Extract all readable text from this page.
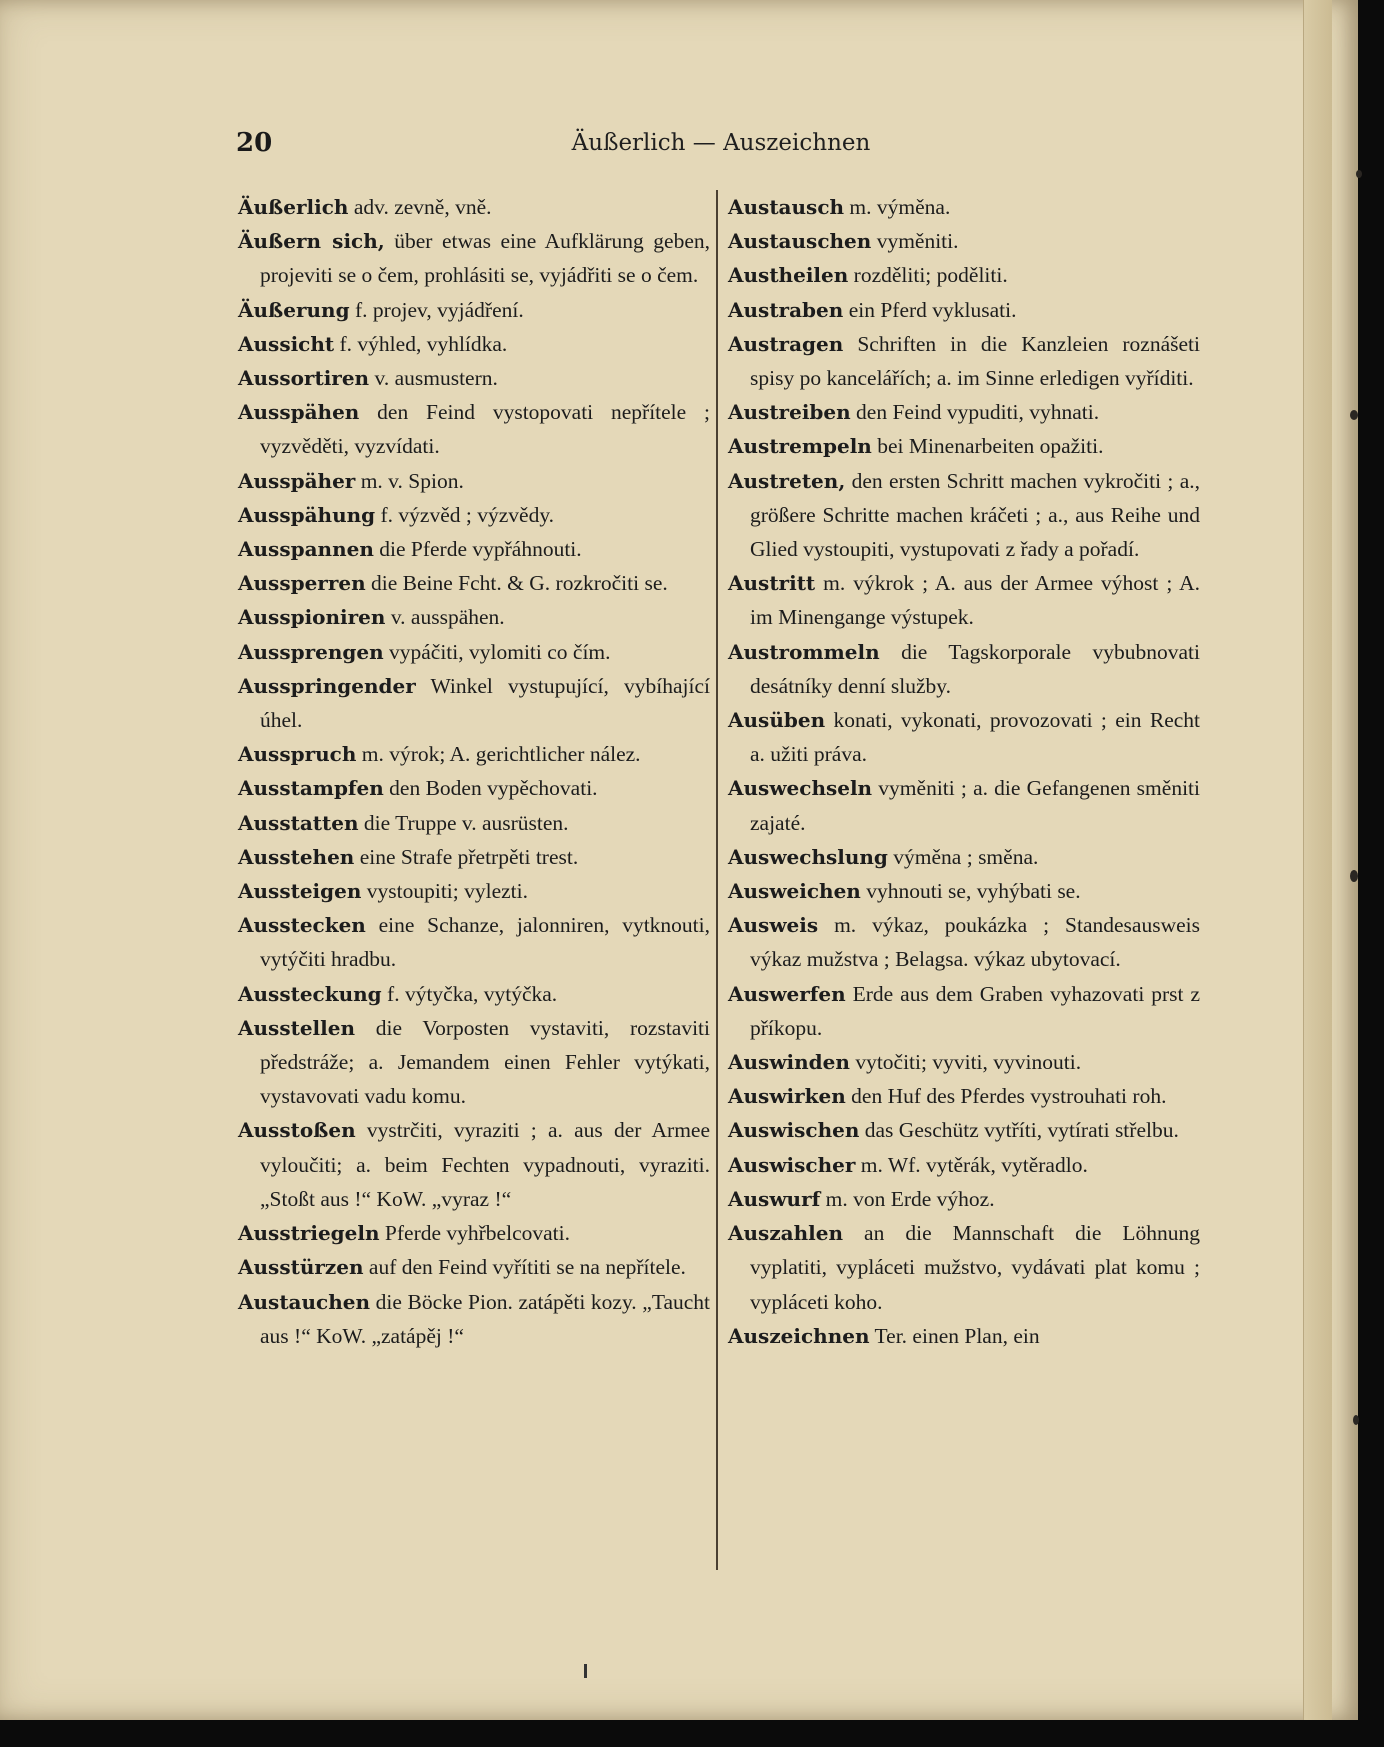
20	Äußerlich — Auszeichnen

Äußerlich adv. zevně, vně.

Äußern sich, über etwas eine Aufklärung geben, projeviti se o čem, prohlásiti se, vyjádřiti se o čem.

Äußerung f. projev, vyjádření.

Aussicht f. výhled, vyhlídka.

Aussortiren v. ausmustern.

Ausspähen den Feind vystopovati nepřítele ; vyzvěděti, vyzvídati.

Ausspäher m. v. Spion.

Ausspähung f. výzvěd ; výzvědy.

Ausspannen die Pferde vypřáhnouti.

Aussperren die Beine Fcht. & G. rozkročiti se.

Ausspioniren v. ausspähen.

Aussprengen vypáčiti, vylomiti co čím.

Ausspringender Winkel vystupující, vybíhající úhel.

Ausspruch m. výrok; A. gerichtlicher nález.

Ausstampfen den Boden vypěchovati.

Ausstatten die Truppe v. ausrüsten.

Ausstehen eine Strafe přetrpěti trest.

Aussteigen vystoupiti; vylezti.

Ausstecken eine Schanze, jalonniren, vytknouti, vytýčiti hradbu.

Aussteckung f. výtyčka, vytýčka.

Ausstellen die Vorposten vystaviti, rozstaviti předstráže; a. Jemandem einen Fehler vytýkati, vystavovati vadu komu.

Ausstoßen vystrčiti, vyraziti ; a. aus der Armee vyloučiti; a. beim Fechten vypadnouti, vyraziti. „Stoßt aus !“ KoW. „vyraz !“

Ausstriegeln Pferde vyhřbelcovati.

Ausstürzen auf den Feind vyřítiti se na nepřítele.

Austauchen die Böcke Pion. zatápěti kozy. „Taucht aus !“ KoW. „zatápěj !“

Austausch m. výměna.

Austauschen vyměniti.

Austheilen rozděliti; poděliti.

Austraben ein Pferd vyklusati.

Austragen Schriften in die Kanzleien roznášeti spisy po kancelářích; a. im Sinne erledigen vyříditi.

Austreiben den Feind vypuditi, vyhnati.

Austrempeln bei Minenarbeiten opažiti.

Austreten, den ersten Schritt machen vykročiti ; a., größere Schritte machen kráčeti ; a., aus Reihe und Glied vystoupiti, vystupovati z řady a pořadí.

Austritt m. výkrok ; A. aus der Armee výhost ; A. im Minengange výstupek.

Austrommeln die Tagskorporale vybubnovati desátníky denní služby.

Ausüben konati, vykonati, provozovati ; ein Recht a. užiti práva.

Auswechseln vyměniti ; a. die Gefangenen směniti zajaté.

Auswechslung výměna ; směna.

Ausweichen vyhnouti se, vyhýbati se.

Ausweis m. výkaz, poukázka ; Standesausweis výkaz mužstva ; Belagsa. výkaz ubytovací.

Auswerfen Erde aus dem Graben vyhazovati prst z příkopu.

Auswinden vytočiti; vyviti, vyvinouti.

Auswirken den Huf des Pferdes vystrouhati roh.

Auswischen das Geschütz vytříti, vytírati střelbu.

Auswischer m. Wf. vytěrák, vytěradlo.

Auswurf m. von Erde výhoz.

Auszahlen an die Mannschaft die Löhnung vyplatiti, vypláceti mužstvo, vydávati plat komu ; vypláceti koho.

Auszeichnen Ter. einen Plan, ein
